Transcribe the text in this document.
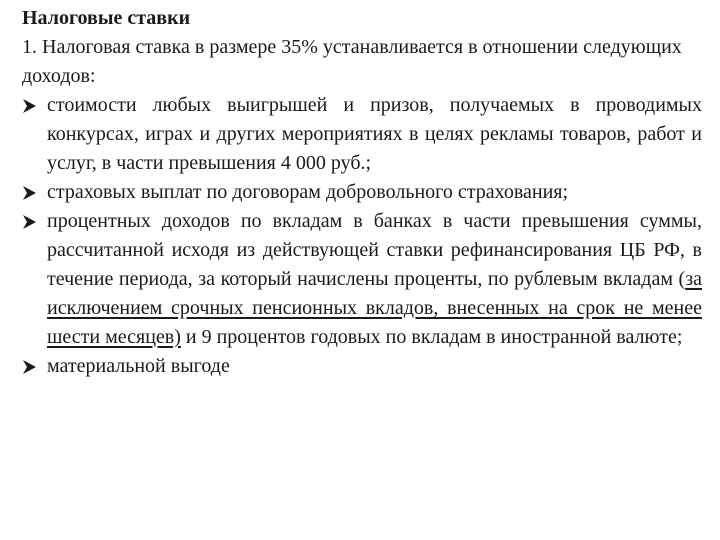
Налоговые ставки

1. Налоговая ставка в размере 35% устанавливается в отношении следующих доходов:

стоимости любых выигрышей и призов, получаемых в проводимых конкурсах, играх и других мероприятиях в целях рекламы товаров, работ и услуг, в части превышения 4 000 руб.;
страховых выплат по договорам добровольного страхования;
процентных доходов по вкладам в банках в части превышения суммы, рассчитанной исходя из действующей ставки рефинансирования ЦБ РФ, в течение периода, за который начислены проценты, по рублевым вкладам (за исключением срочных пенсионных вкладов, внесенных на срок не менее шести месяцев) и 9 процентов годовых по вкладам в иностранной валюте;
материальной выгоде
